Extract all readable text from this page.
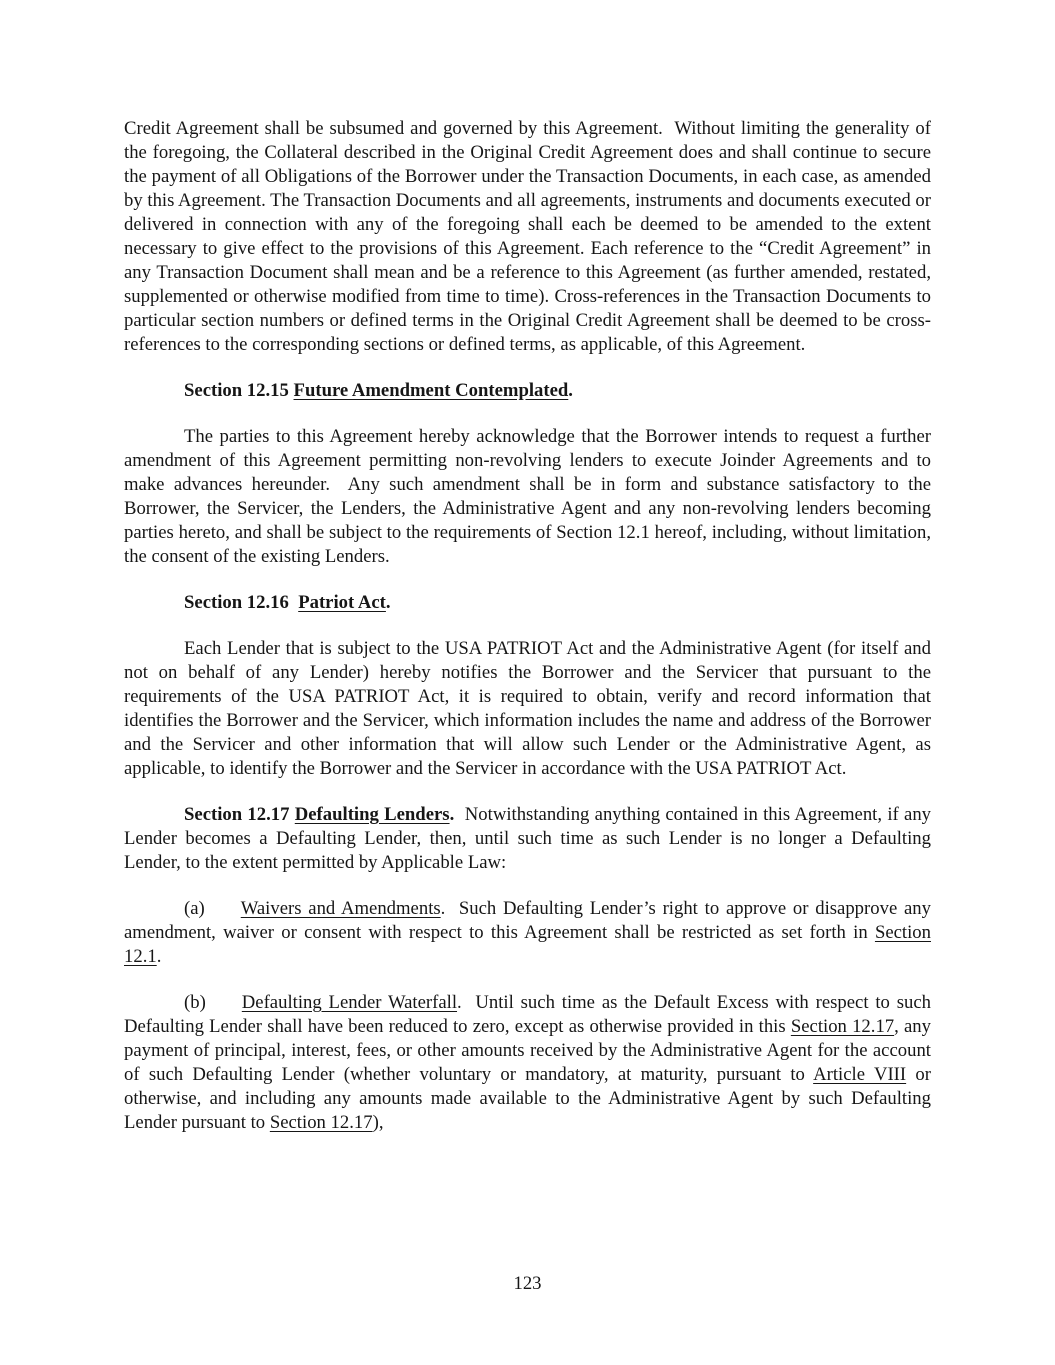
Credit Agreement shall be subsumed and governed by this Agreement.  Without limiting the generality of the foregoing, the Collateral described in the Original Credit Agreement does and shall continue to secure the payment of all Obligations of the Borrower under the Transaction Documents, in each case, as amended by this Agreement. The Transaction Documents and all agreements, instruments and documents executed or delivered in connection with any of the foregoing shall each be deemed to be amended to the extent necessary to give effect to the provisions of this Agreement. Each reference to the “Credit Agreement” in any Transaction Document shall mean and be a reference to this Agreement (as further amended, restated, supplemented or otherwise modified from time to time). Cross-references in the Transaction Documents to particular section numbers or defined terms in the Original Credit Agreement shall be deemed to be cross-references to the corresponding sections or defined terms, as applicable, of this Agreement.

Section 12.15 Future Amendment Contemplated.

The parties to this Agreement hereby acknowledge that the Borrower intends to request a further amendment of this Agreement permitting non-revolving lenders to execute Joinder Agreements and to make advances hereunder.  Any such amendment shall be in form and substance satisfactory to the Borrower, the Servicer, the Lenders, the Administrative Agent and any non-revolving lenders becoming parties hereto, and shall be subject to the requirements of Section 12.1 hereof, including, without limitation, the consent of the existing Lenders.

Section 12.16  Patriot Act.

Each Lender that is subject to the USA PATRIOT Act and the Administrative Agent (for itself and not on behalf of any Lender) hereby notifies the Borrower and the Servicer that pursuant to the requirements of the USA PATRIOT Act, it is required to obtain, verify and record information that identifies the Borrower and the Servicer, which information includes the name and address of the Borrower and the Servicer and other information that will allow such Lender or the Administrative Agent, as applicable, to identify the Borrower and the Servicer in accordance with the USA PATRIOT Act.

Section 12.17 Defaulting Lenders.  Notwithstanding anything contained in this Agreement, if any Lender becomes a Defaulting Lender, then, until such time as such Lender is no longer a Defaulting Lender, to the extent permitted by Applicable Law:

(a) Waivers and Amendments.  Such Defaulting Lender’s right to approve or disapprove any amendment, waiver or consent with respect to this Agreement shall be restricted as set forth in Section 12.1.

(b) Defaulting Lender Waterfall.  Until such time as the Default Excess with respect to such Defaulting Lender shall have been reduced to zero, except as otherwise provided in this Section 12.17, any payment of principal, interest, fees, or other amounts received by the Administrative Agent for the account of such Defaulting Lender (whether voluntary or mandatory, at maturity, pursuant to Article VIII or otherwise, and including any amounts made available to the Administrative Agent by such Defaulting Lender pursuant to Section 12.17),

123
